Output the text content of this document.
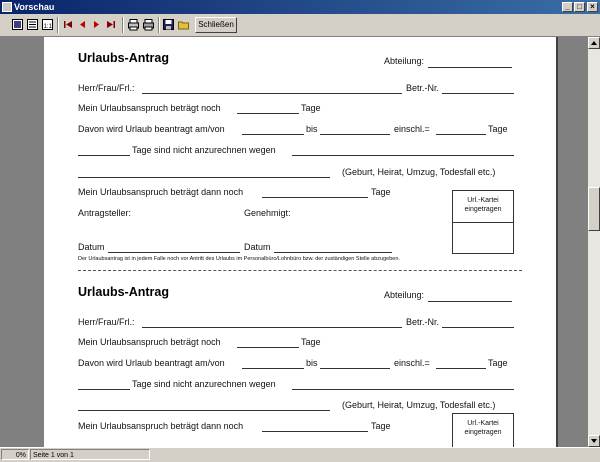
Vorschau	_ □	×
1:1	Schließen
Urlaubs-Antrag	Abteilung:
Herr/Frau/Frl.:	Betr.-Nr.
Mein Urlaubsanspruch beträgt noch	Tage
Davon wird Urlaub beantragt am/von	bis	einschl.=	Tage
Tage sind nicht anzurechnen wegen
(Geburt, Heirat, Umzug, Todesfall etc.)
Mein Urlaubsanspruch beträgt dann noch	Tage
Antragsteller:	Genehmigt:
Url.-Kartei eingetragen
Datum	Datum
Der Urlaubsantrag ist in jedem Falle noch vor Antritt des Urlaubs im Personalbüro/Lohnbüro bzw. der zuständigen Stelle abzugeben.
Urlaubs-Antrag	Abteilung:
Herr/Frau/Frl.:	Betr.-Nr.
Mein Urlaubsanspruch beträgt noch	Tage
Davon wird Urlaub beantragt am/von	bis	einschl.=	Tage
Tage sind nicht anzurechnen wegen
(Geburt, Heirat, Umzug, Todesfall etc.)
Mein Urlaubsanspruch beträgt dann noch	Tage	Url.-Kartei eingetragen
0%	Seite 1 von 1
